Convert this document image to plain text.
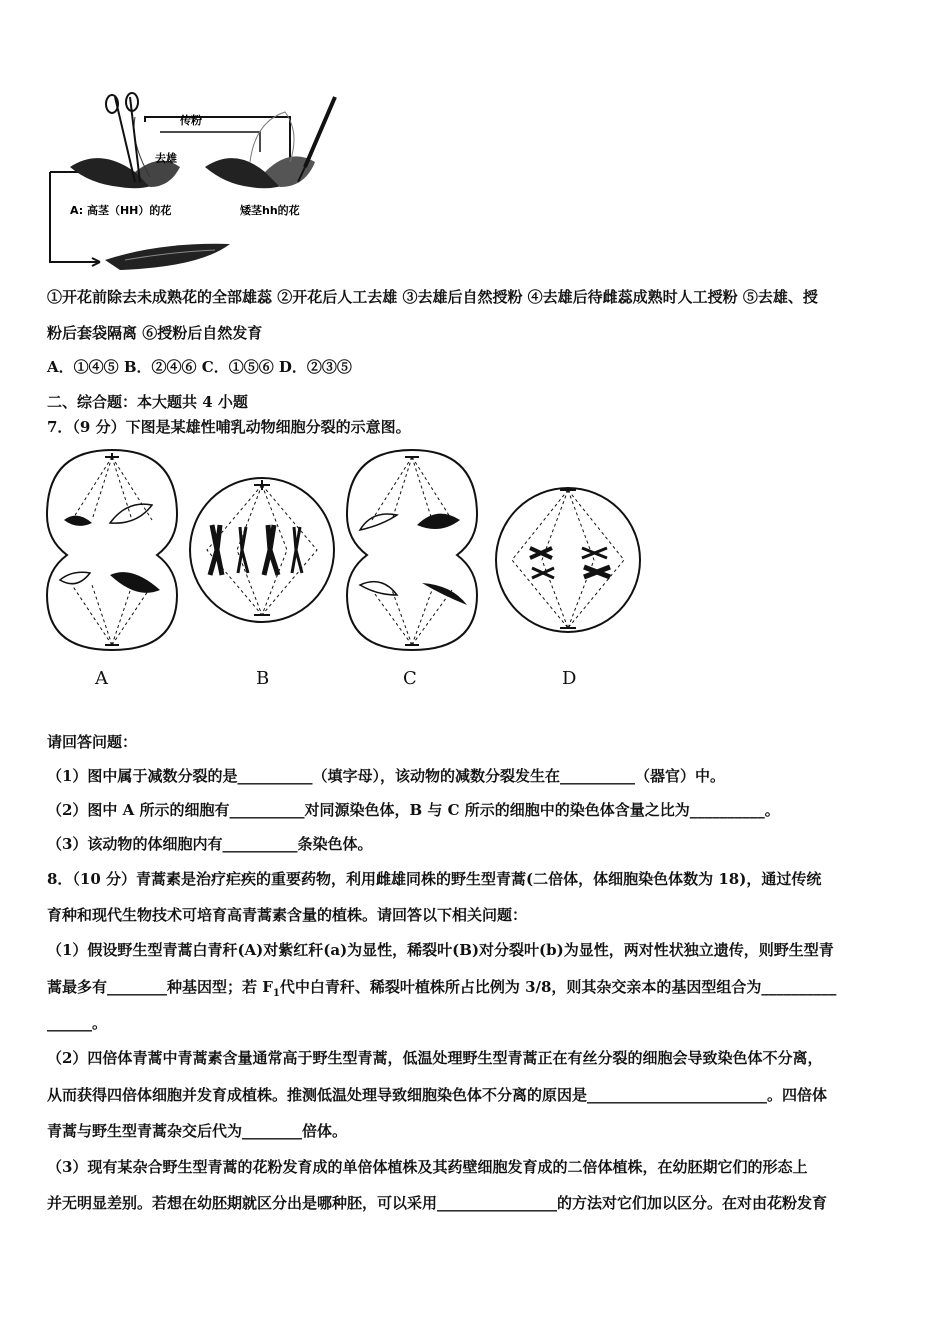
传粉
去雄
A: 高茎（HH）的花	矮茎hh的花
①开花前除去未成熟花的全部雄蕊 ②开花后人工去雄 ③去雄后自然授粉 ④去雄后待雌蕊成熟时人工授粉 ⑤去雄、授
粉后套袋隔离 ⑥授粉后自然发育
A．①④⑤ B．②④⑥ C．①⑤⑥ D．②③⑤
二、综合题：本大题共 4 小题
7．（9 分）下图是某雄性哺乳动物细胞分裂的示意图。
A	B	C	D
请回答问题：
（1）图中属于减数分裂的是__________（填字母），该动物的减数分裂发生在__________（器官）中。
（2）图中 A 所示的细胞有__________对同源染色体，B 与 C 所示的细胞中的染色体含量之比为__________。
（3）该动物的体细胞内有__________条染色体。
8．（10 分）青蒿素是治疗疟疾的重要药物，利用雌雄同株的野生型青蒿(二倍体，体细胞染色体数为 18)，通过传统
育种和现代生物技术可培育高青蒿素含量的植株。请回答以下相关问题：
（1）假设野生型青蒿白青秆(A)对紫红秆(a)为显性，稀裂叶(B)对分裂叶(b)为显性，两对性状独立遗传，则野生型青
蒿最多有________种基因型；若 $F_1$代中白青秆、稀裂叶植株所占比例为 3/8，则其杂交亲本的基因型组合为__________
______。
（2）四倍体青蒿中青蒿素含量通常高于野生型青蒿，低温处理野生型青蒿正在有丝分裂的细胞会导致染色体不分离，
从而获得四倍体细胞并发育成植株。推测低温处理导致细胞染色体不分离的原因是________________________。四倍体
青蒿与野生型青蒿杂交后代为________倍体。
（3）现有某杂合野生型青蒿的花粉发育成的单倍体植株及其药壁细胞发育成的二倍体植株，在幼胚期它们的形态上
并无明显差别。若想在幼胚期就区分出是哪种胚，可以采用________________的方法对它们加以区分。在对由花粉发育
